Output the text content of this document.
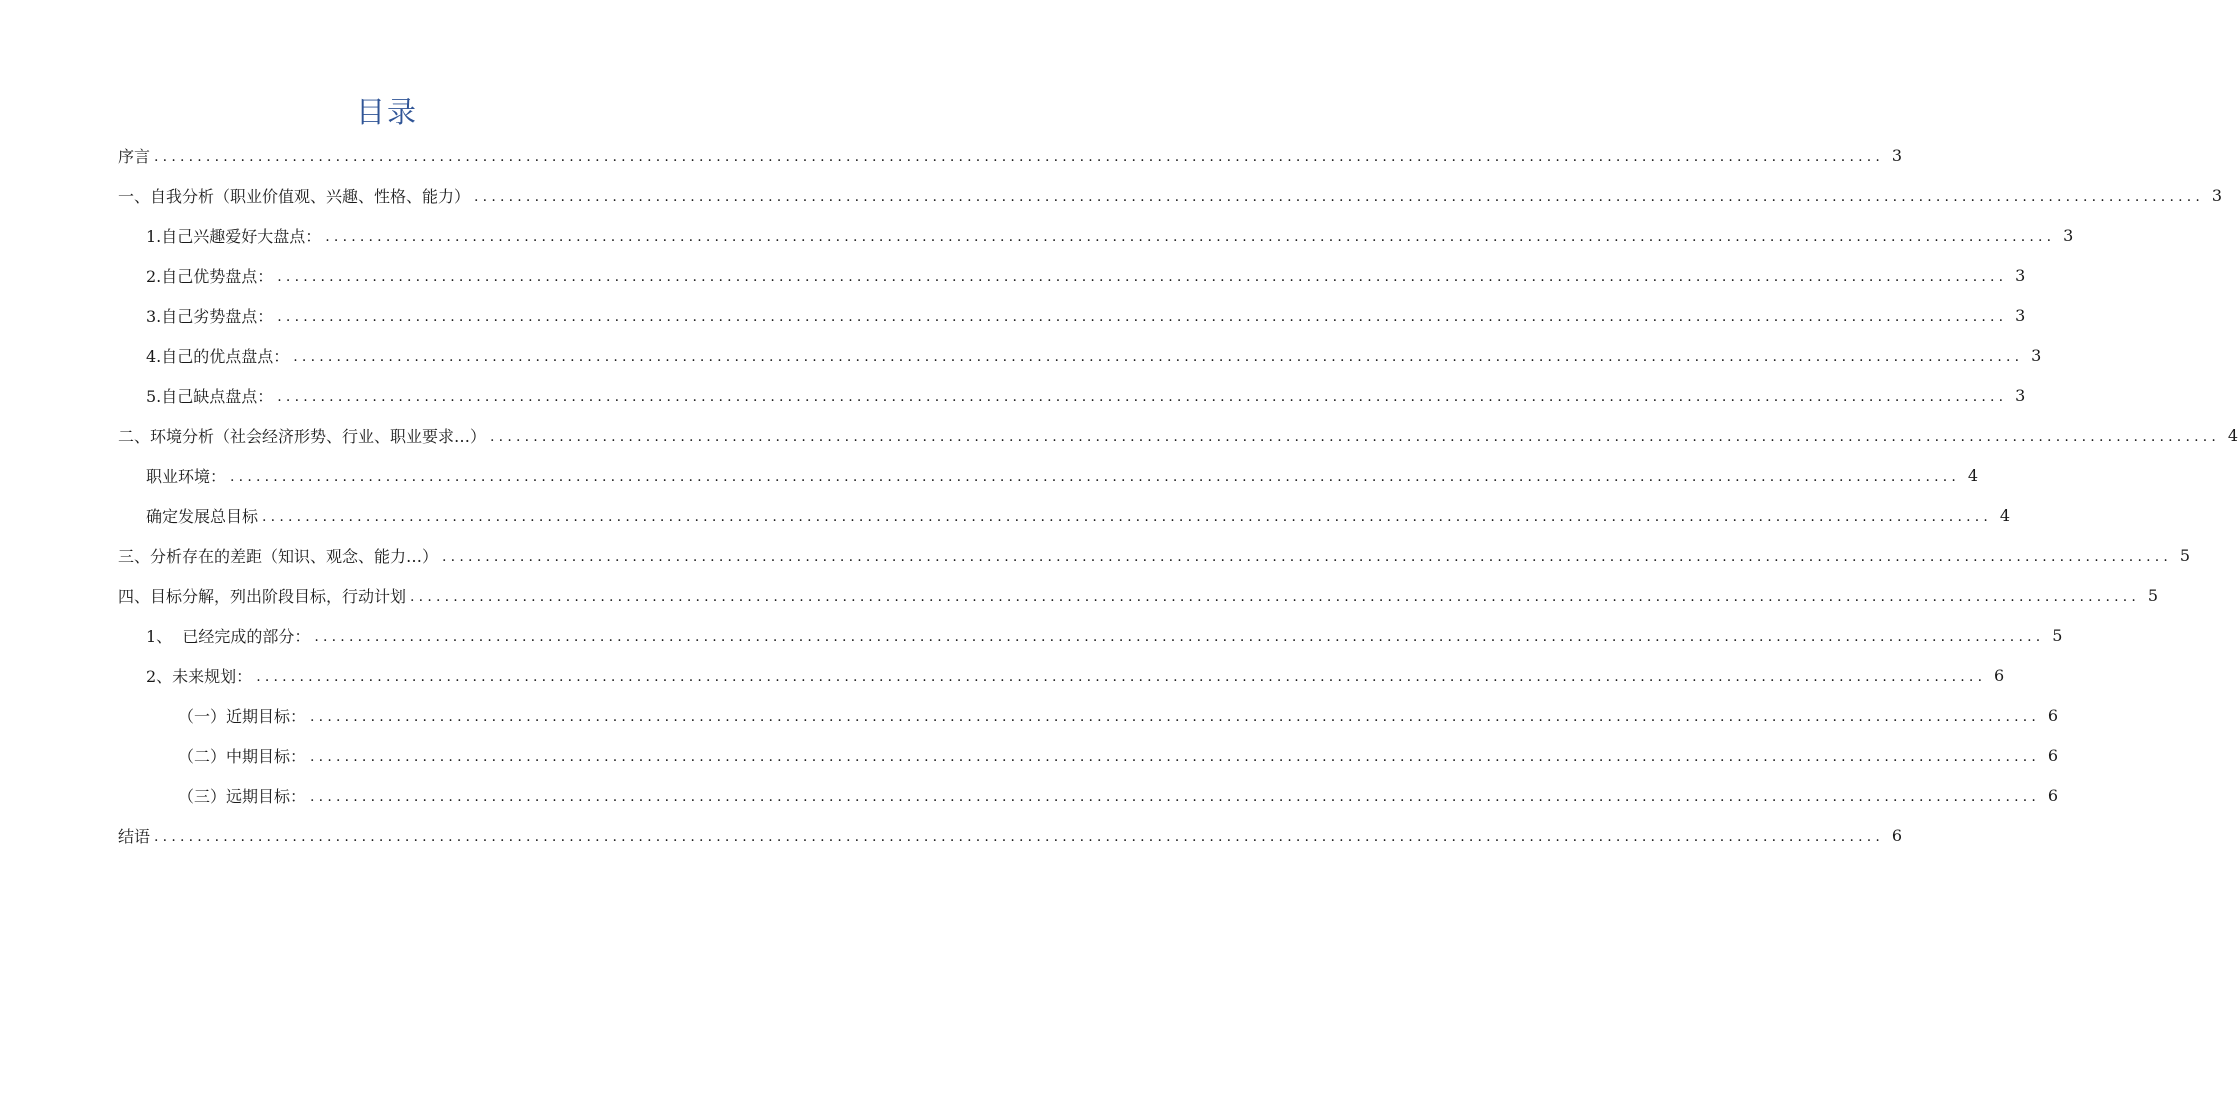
目录
序言 ........................................................................................................................................................................................................ 3
一、自我分析（职业价值观、兴趣、性格、能力） ........................................................................................................................................................................................................ 3
1.自己兴趣爱好大盘点： ........................................................................................................................................................................................................ 3
2.自己优势盘点： ........................................................................................................................................................................................................ 3
3.自己劣势盘点： ........................................................................................................................................................................................................ 3
4.自己的优点盘点： ........................................................................................................................................................................................................ 3
5.自己缺点盘点： ........................................................................................................................................................................................................ 3
二、环境分析（社会经济形势、行业、职业要求…） ........................................................................................................................................................................................................ 4
职业环境： ........................................................................................................................................................................................................ 4
确定发展总目标 ........................................................................................................................................................................................................ 4
三、分析存在的差距（知识、观念、能力…） ........................................................................................................................................................................................................ 5
四、目标分解，列出阶段目标，行动计划 ........................................................................................................................................................................................................ 5
1、  已经完成的部分： ........................................................................................................................................................................................................ 5
2、未来规划： ........................................................................................................................................................................................................ 6
（一）近期目标： ........................................................................................................................................................................................................ 6
（二）中期目标： ........................................................................................................................................................................................................ 6
（三）远期目标： ........................................................................................................................................................................................................ 6
结语 ........................................................................................................................................................................................................ 6
